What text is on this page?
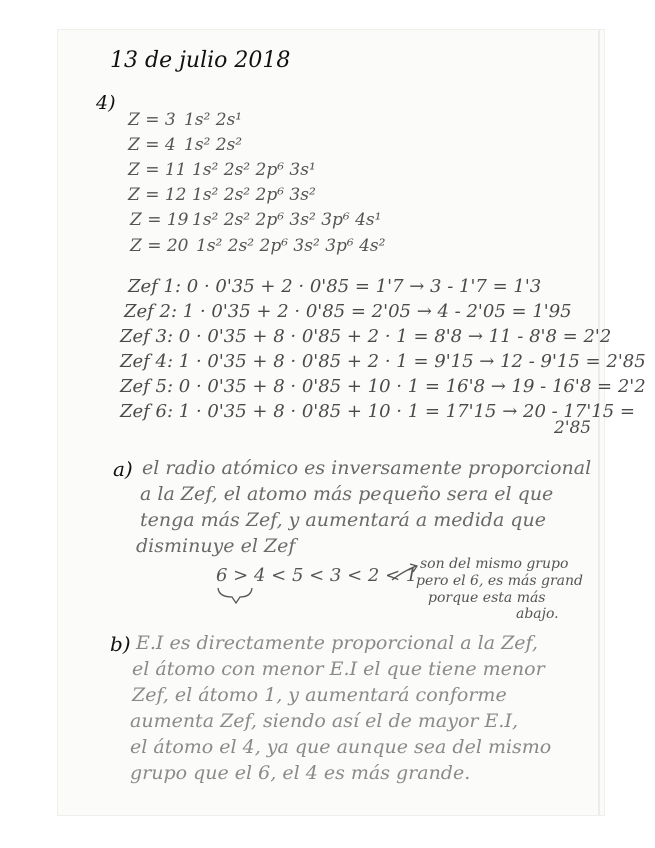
13 de julio 2018
4)
Z = 3 1s² 2s¹
Z = 4 1s² 2s²
Z = 11 1s² 2s² 2p⁶ 3s¹
Z = 12 1s² 2s² 2p⁶ 3s²
Z = 19 1s² 2s² 2p⁶ 3s² 3p⁶ 4s¹
Z = 20 1s² 2s² 2p⁶ 3s² 3p⁶ 4s²
Zef 1: 0 · 0'35 + 2 · 0'85 = 1'7 → 3 - 1'7 = 1'3
Zef 2: 1 · 0'35 + 2 · 0'85 = 2'05 → 4 - 2'05 = 1'95
Zef 3: 0 · 0'35 + 8 · 0'85 + 2 · 1 = 8'8 → 11 - 8'8 = 2'2
Zef 4: 1 · 0'35 + 8 · 0'85 + 2 · 1 = 9'15 → 12 - 9'15 = 2'85
Zef 5: 0 · 0'35 + 8 · 0'85 + 10 · 1 = 16'8 → 19 - 16'8 = 2'2
Zef 6: 1 · 0'35 + 8 · 0'85 + 10 · 1 = 17'15 → 20 - 17'15 =
2'85
a) el radio atómico es inversamente proporcional
a la Zef, el atomo más pequeño sera el que
tenga más Zef, y aumentará a medida que
disminuye el Zef
6 > 4 < 5 < 3 < 2 < 1
son del mismo grupo
pero el 6, es más grand
porque esta más
abajo.
b) E.I es directamente proporcional a la Zef,
el átomo con menor E.I el que tiene menor
Zef, el átomo 1, y aumentará conforme
aumenta Zef, siendo así el de mayor E.I,
el átomo el 4, ya que aunque sea del mismo
grupo que el 6, el 4 es más grande.
